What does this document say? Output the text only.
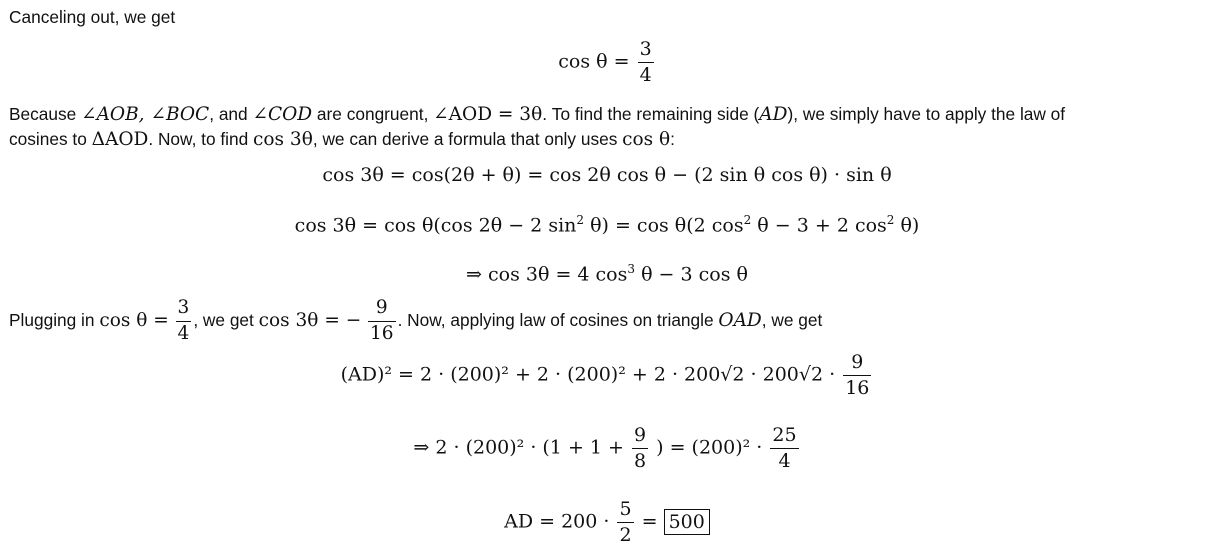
Canceling out, we get
$\cos \theta = \frac{3}{4}$
Because ∠AOB, ∠BOC, and ∠COD are congruent, ∠AOD = 3θ. To find the remaining side (AD), we simply have to apply the law of
cosines to ΔAOD. Now, to find cos 3θ, we can derive a formula that only uses cos θ:
cos 3θ = cos(2θ + θ) = cos 2θ cos θ − (2 sin θ cos θ) · sin θ
cos 3θ = cos θ(cos 2θ − 2 $\sin^2 \theta) = \cos \theta(2$ $\cos^2 \theta - 3 + 2$ $\cos^2 \theta$)
⇒ cos 3θ = 4 $\cos^3 \theta - 3$ cos θ
Plugging in $\cos \theta = \frac{3}{4}$ , we get cos 3θ = − $\frac{9}{16}$ . Now, applying law of cosines on triangle OAD, we get
$(AD)^2 = 2 \cdot (200)^2 + 2 \cdot (200)^2 + 2 \cdot 200√2 \cdot 200√2 \cdot \frac{9}{16}$
⇒ $2 \cdot (200)^2 \cdot (1 + 1 + \frac{9}{8}$ ) = $(200)^2 \cdot \frac{25}{4}$
AD = $200 \cdot \frac{5}{2} = 500$
